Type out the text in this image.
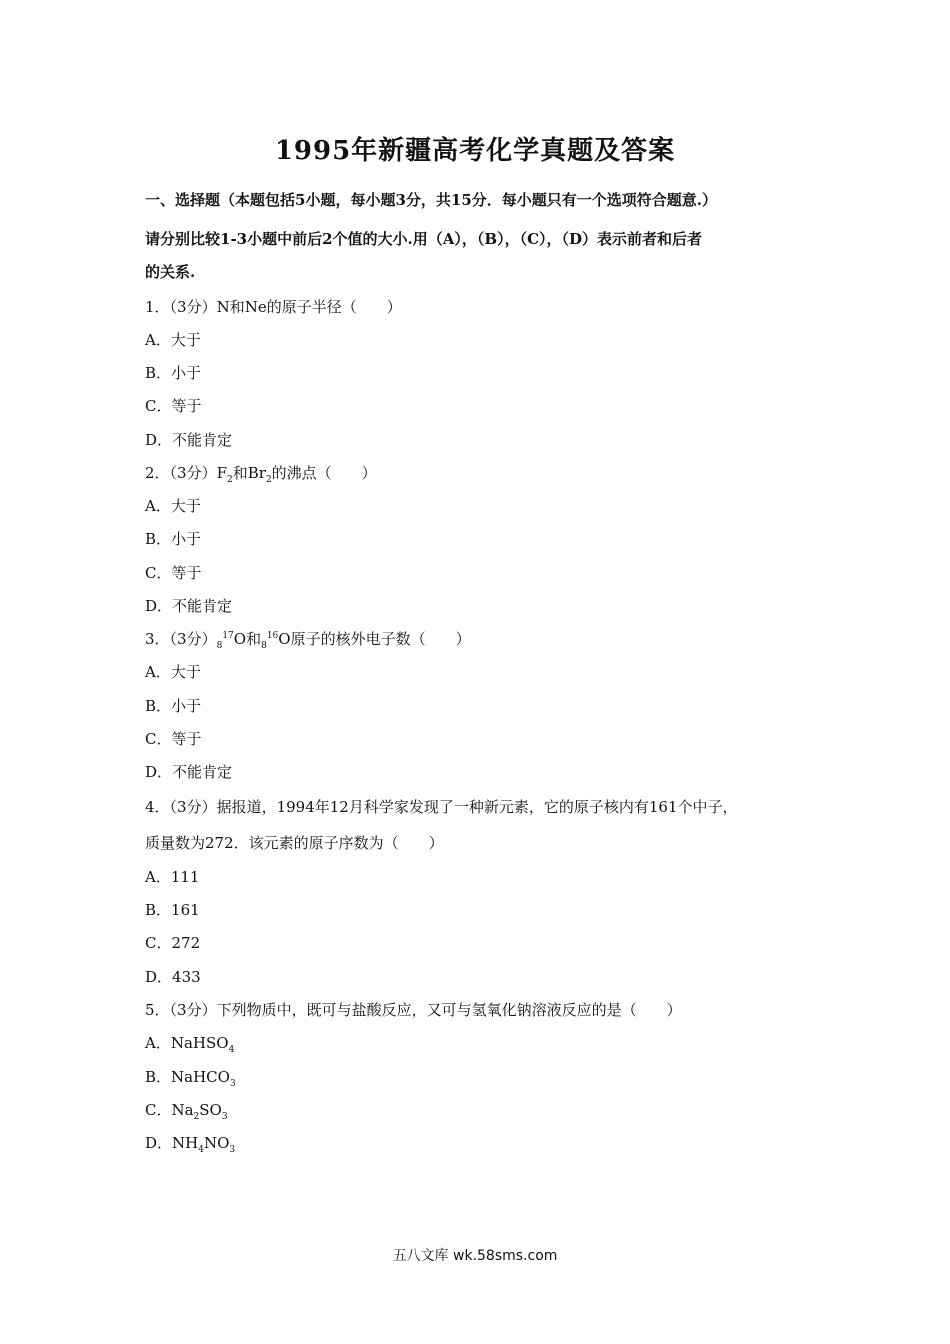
1995年新疆高考化学真题及答案
一、选择题（本题包括5小题，每小题3分，共15分．每小题只有一个选项符合题意.）
请分别比较1-3小题中前后2个值的大小.用（A），（B），（C），（D）表示前者和后者
的关系.
1．（3分）N和Ne的原子半径（　　）
A．大于
B．小于
C．等于
D．不能肯定
2．（3分）$F_2$和$Br_2$的沸点（　　）
A．大于
B．小于
C．等于
D．不能肯定
3．（3分）$_8^{17}O$和$_8^{16}$O原子的核外电子数（　　）
A．大于
B．小于
C．等于
D．不能肯定
4．（3分）据报道，1994年12月科学家发现了一种新元素，它的原子核内有161个中子，
质量数为272．该元素的原子序数为（　　）
A．111
B．161
C．272
D．433
5．（3分）下列物质中，既可与盐酸反应，又可与氢氧化钠溶液反应的是（　　）
A．NaHSO$_4$
B．NaHCO$_3$
C．$Na_2SO_3$
D．$NH_4NO_3$
五八文库 wk.58sms.com
